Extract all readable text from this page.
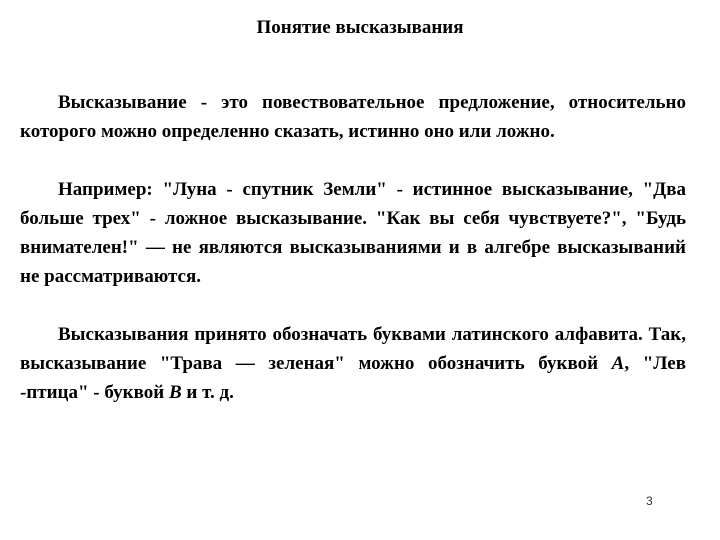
Понятие высказывания

Высказывание - это повествовательное предложение, относительно которого можно определенно сказать, истинно оно или ложно.

Например: "Луна - спутник Земли" - истинное высказывание, "Два больше трех" - ложное высказывание. "Как вы себя чувствуете?", "Будь внимателен!" — не являются высказываниями и в алгебре высказываний не рассматриваются.

Высказывания принято обозначать буквами латинского алфавита. Так, высказывание "Трава — зеленая" можно обозначить буквой А, "Лев -птица" - буквой В и т. д.

3
